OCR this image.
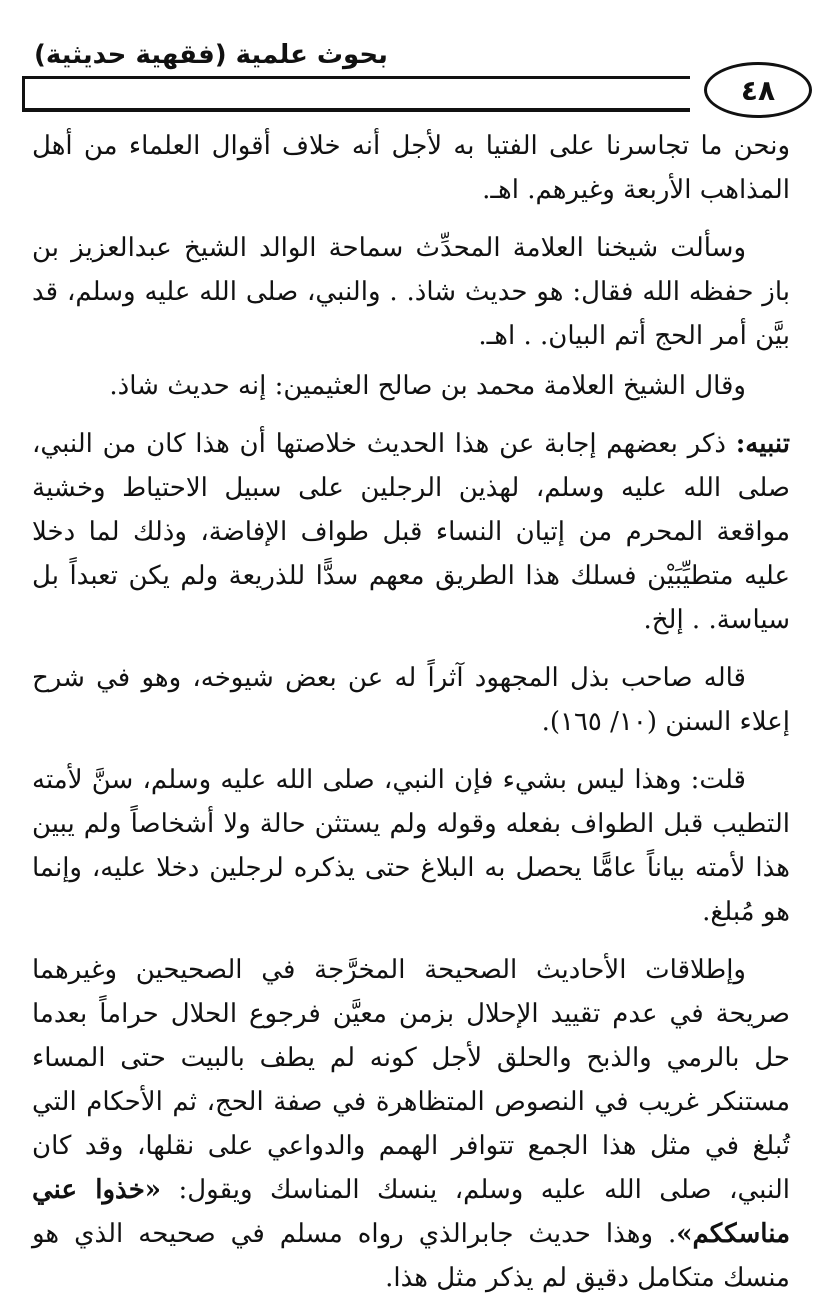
بحوث علمية (فقهية حديثية)
٤٨

ونحن ما تجاسرنا على الفتيا به لأجل أنه خلاف أقوال العلماء من أهل المذاهب الأربعة وغيرهم. اهـ.

وسألت شيخنا العلامة المحدِّث سماحة الوالد الشيخ عبدالعزيز بن باز حفظه الله فقال: هو حديث شاذ. . والنبي، صلى الله عليه وسلم، قد بيَّن أمر الحج أتم البيان. . اهـ.

وقال الشيخ العلامة محمد بن صالح العثيمين: إنه حديث شاذ.

تنبيه: ذكر بعضهم إجابة عن هذا الحديث خلاصتها أن هذا كان من النبي، صلى الله عليه وسلم، لهذين الرجلين على سبيل الاحتياط وخشية مواقعة المحرم من إتيان النساء قبل طواف الإفاضة، وذلك لما دخلا عليه متطيِّبَيْن فسلك هذا الطريق معهم سدًّا للذريعة ولم يكن تعبداً بل سياسة. . إلخ.

قاله صاحب بذل المجهود آثراً له عن بعض شيوخه، وهو في شرح إعلاء السنن (١٠/ ١٦٥).

قلت: وهذا ليس بشيء فإن النبي، صلى الله عليه وسلم، سنَّ لأمته التطيب قبل الطواف بفعله وقوله ولم يستثن حالة ولا أشخاصاً ولم يبين هذا لأمته بياناً عامًّا يحصل به البلاغ حتى يذكره لرجلين دخلا عليه، وإنما هو مُبلغ.

وإطلاقات الأحاديث الصحيحة المخرَّجة في الصحيحين وغيرهما صريحة في عدم تقييد الإحلال بزمن معيَّن فرجوع الحلال حراماً بعدما حل بالرمي والذبح والحلق لأجل كونه لم يطف بالبيت حتى المساء مستنكر غريب في النصوص المتظاهرة في صفة الحج، ثم الأحكام التي تُبلغ في مثل هذا الجمع تتوافر الهمم والدواعي على نقلها، وقد كان النبي، صلى الله عليه وسلم، ينسك المناسك ويقول: «خذوا عني مناسككم». وهذا حديث جابرالذي رواه مسلم في صحيحه الذي هو منسك متكامل دقيق لم يذكر مثل هذا.
